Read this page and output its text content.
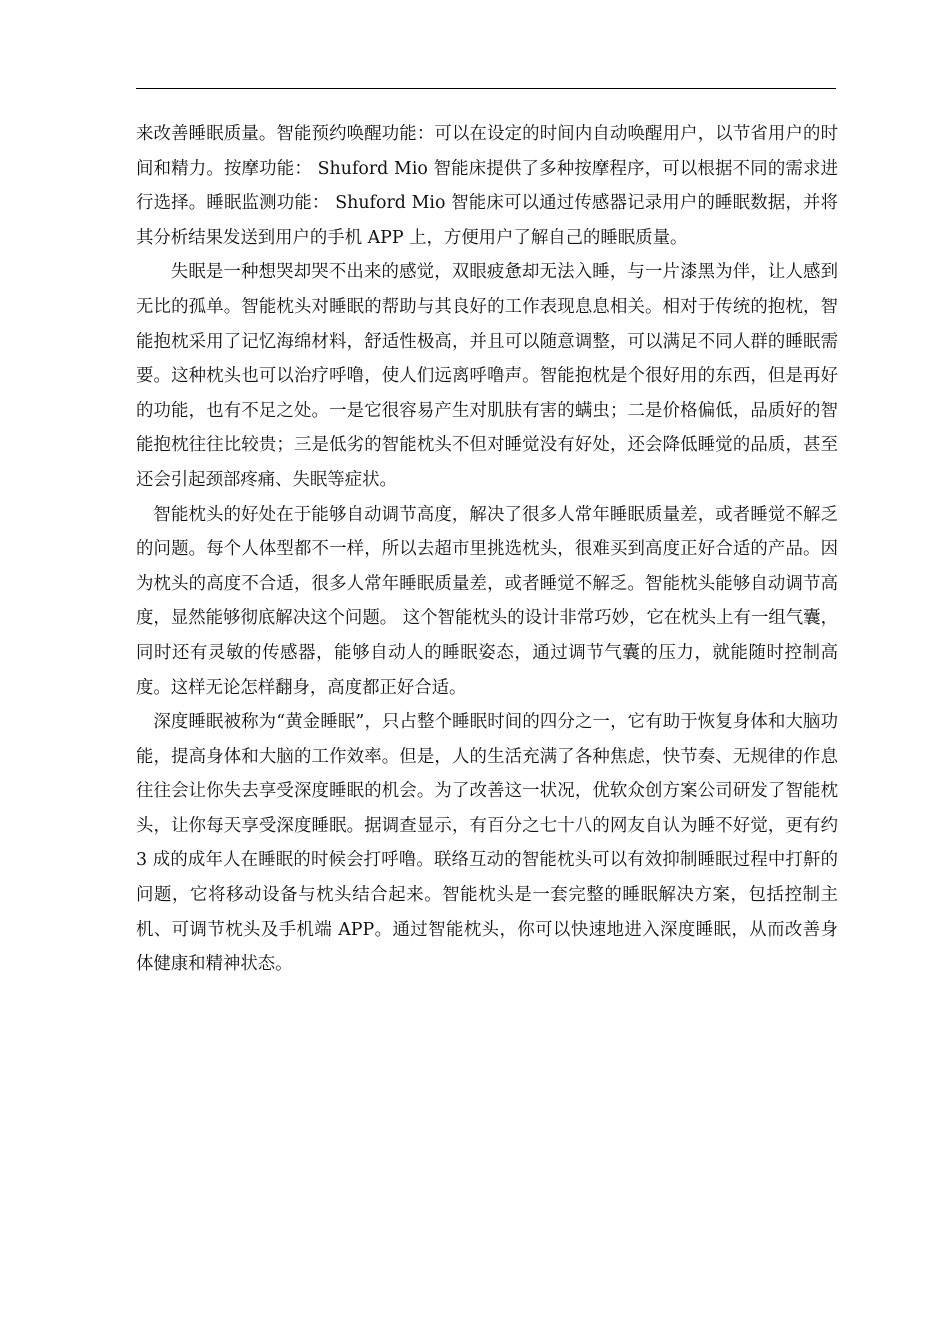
来改善睡眠质量。智能预约唤醒功能：可以在设定的时间内自动唤醒用户，以节省用户的时间和精力。按摩功能： Shuford Mio 智能床提供了多种按摩程序，可以根据不同的需求进行选择。睡眠监测功能： Shuford Mio 智能床可以通过传感器记录用户的睡眠数据，并将其分析结果发送到用户的手机 APP 上，方便用户了解自己的睡眠质量。

失眠是一种想哭却哭不出来的感觉，双眼疲惫却无法入睡，与一片漆黑为伴，让人感到无比的孤单。智能枕头对睡眠的帮助与其良好的工作表现息息相关。相对于传统的抱枕，智能抱枕采用了记忆海绵材料，舒适性极高，并且可以随意调整，可以满足不同人群的睡眠需要。这种枕头也可以治疗呼噜，使人们远离呼噜声。智能抱枕是个很好用的东西，但是再好的功能，也有不足之处。一是它很容易产生对肌肤有害的螨虫；二是价格偏低，品质好的智能抱枕往往比较贵；三是低劣的智能枕头不但对睡觉没有好处，还会降低睡觉的品质，甚至还会引起颈部疼痛、失眠等症状。

智能枕头的好处在于能够自动调节高度，解决了很多人常年睡眠质量差，或者睡觉不解乏的问题。每个人体型都不一样，所以去超市里挑选枕头，很难买到高度正好合适的产品。因为枕头的高度不合适，很多人常年睡眠质量差，或者睡觉不解乏。智能枕头能够自动调节高度，显然能够彻底解决这个问题。 这个智能枕头的设计非常巧妙，它在枕头上有一组气囊，同时还有灵敏的传感器，能够自动人的睡眠姿态，通过调节气囊的压力，就能随时控制高度。这样无论怎样翻身，高度都正好合适。

深度睡眠被称为“黄金睡眠”，只占整个睡眠时间的四分之一，它有助于恢复身体和大脑功能，提高身体和大脑的工作效率。但是，人的生活充满了各种焦虑，快节奏、无规律的作息往往会让你失去享受深度睡眠的机会。为了改善这一状况，优软众创方案公司研发了智能枕头，让你每天享受深度睡眠。据调查显示，有百分之七十八的网友自认为睡不好觉，更有约 3 成的成年人在睡眠的时候会打呼噜。联络互动的智能枕头可以有效抑制睡眠过程中打鼾的问题，它将移动设备与枕头结合起来。智能枕头是一套完整的睡眠解决方案，包括控制主机、可调节枕头及手机端 APP。通过智能枕头，你可以快速地进入深度睡眠，从而改善身体健康和精神状态。
